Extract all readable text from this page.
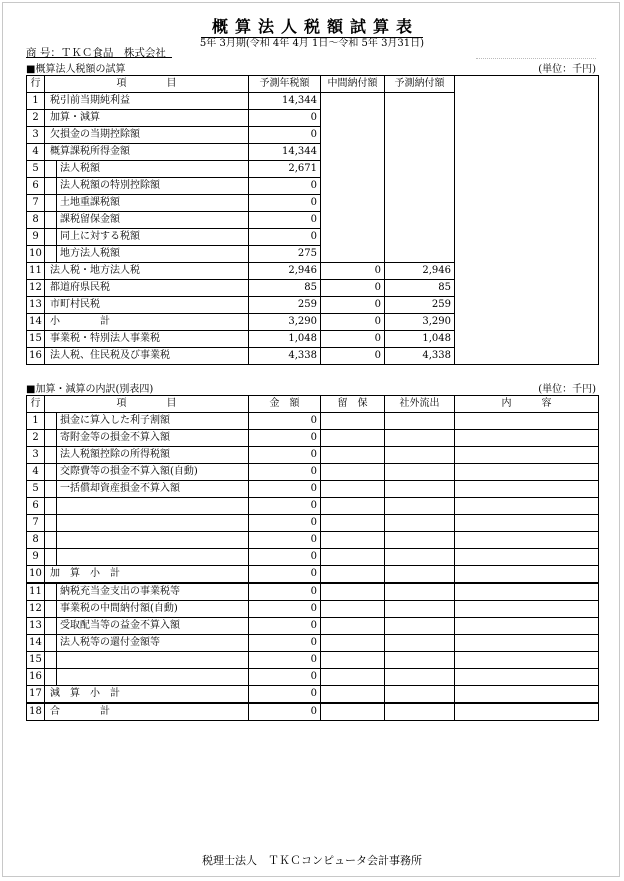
概算法人税額試算表
5年 3月期(令和 4年 4月 1日～令和 5年 3月31日)
商 号：ＴＫＣ食品　株式会社
■概算法人税額の試算	(単位：千円)
行	項　　　　目		予測年税額	中間納付額	予測納付額	
1	税引前当期純利益		14,344			
2	加算・減算		0			
3	欠損金の当期控除額		0			
4	概算課税所得金額		14,344			
5		法人税額	2,671			
6		法人税額の特別控除額	0			
7		土地重課税額	0			
8		課税留保金額	0			
9		同上に対する税額	0			
10		地方法人税額	275			
11	法人税・地方法人税		2,946	0	2,946	
12	都道府県民税		85	0	85	
13	市町村民税		259	0	259	
14	小　　　　計		3,290	0	3,290	
15	事業税・特別法人事業税		1,048	0	1,048	
16	法人税、住民税及び事業税		4,338	0	4,338	
■加算・減算の内訳(別表四)	(単位：千円)
行	項　　　　目		金　額	留　保	社外流出	内　　　容
1		損金に算入した利子割額	0			
2		寄附金等の損金不算入額	0			
3		法人税額控除の所得税額	0			
4		交際費等の損金不算入額(自動)	0			
5		一括償却資産損金不算入額	0			
6			0			
7			0			
8			0			
9			0			
10	加　算　小　計		0			
11		納税充当金支出の事業税等	0			
12		事業税の中間納付額(自動)	0			
13		受取配当等の益金不算入額	0			
14		法人税等の還付金額等	0			
15			0			
16			0			
17	減　算　小　計		0			
18	合　　　　計		0			
税理士法人　ＴＫＣコンピュータ会計事務所
